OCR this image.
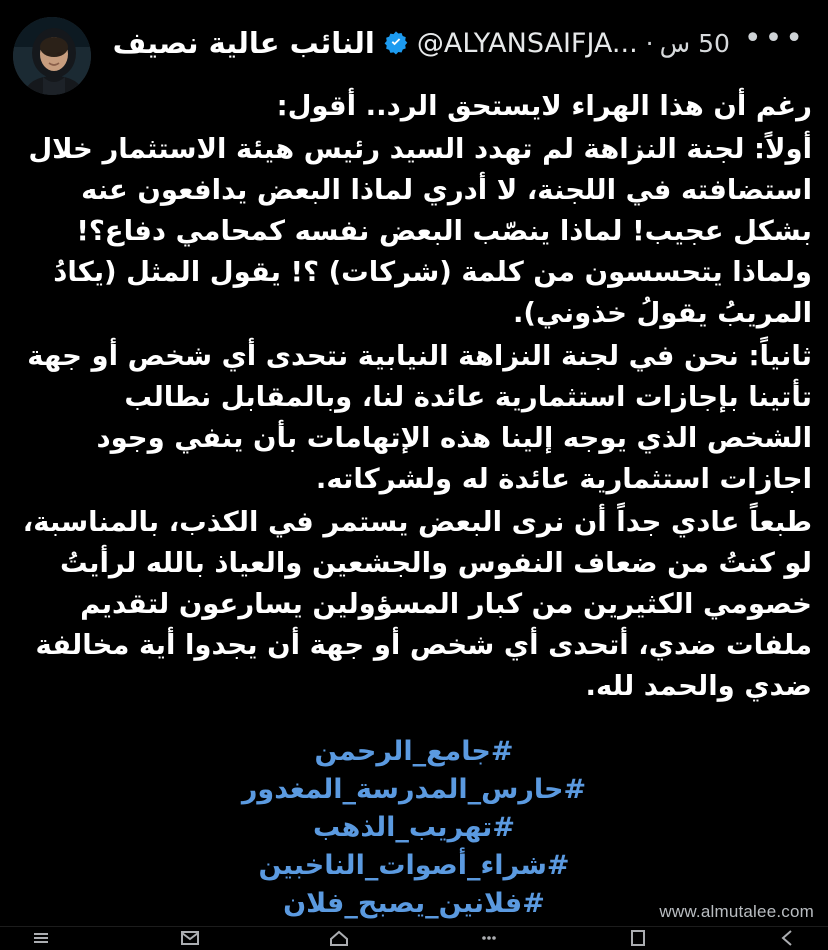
•••
50 س
·
@ALYANSAIFJA...
النائب عالية نصيف

رغم أن هذا الهراء لايستحق الرد.. أقول:

أولاً: لجنة النزاهة لم تهدد السيد رئيس هيئة الاستثمار خلال استضافته في اللجنة، لا أدري لماذا البعض يدافعون عنه بشكل عجيب! لماذا ينصّب البعض نفسه كمحامي دفاع؟! ولماذا يتحسسون من كلمة (شركات) ؟! يقول المثل (يكادُ المريبُ يقولُ خذوني).

ثانياً: نحن في لجنة النزاهة النيابية نتحدى أي شخص أو جهة تأتينا بإجازات استثمارية عائدة لنا، وبالمقابل نطالب الشخص الذي يوجه إلينا هذه الإتهامات بأن ينفي وجود اجازات استثمارية عائدة له ولشركاته.

طبعاً عادي جداً أن نرى البعض يستمر في الكذب، بالمناسبة، لو كنتُ من ضعاف النفوس والجشعين والعياذ بالله لرأيتُ خصومي الكثيرين من كبار المسؤولين يسارعون لتقديم ملفات ضدي، أتحدى أي شخص أو جهة أن يجدوا أية مخالفة ضدي والحمد لله.

#جامع_الرحمن
#حارس_المدرسة_المغدور
#تهريب_الذهب
#شراء_أصوات_الناخبين
#فلانين_يصبح_فلان	www.almutalee.com
